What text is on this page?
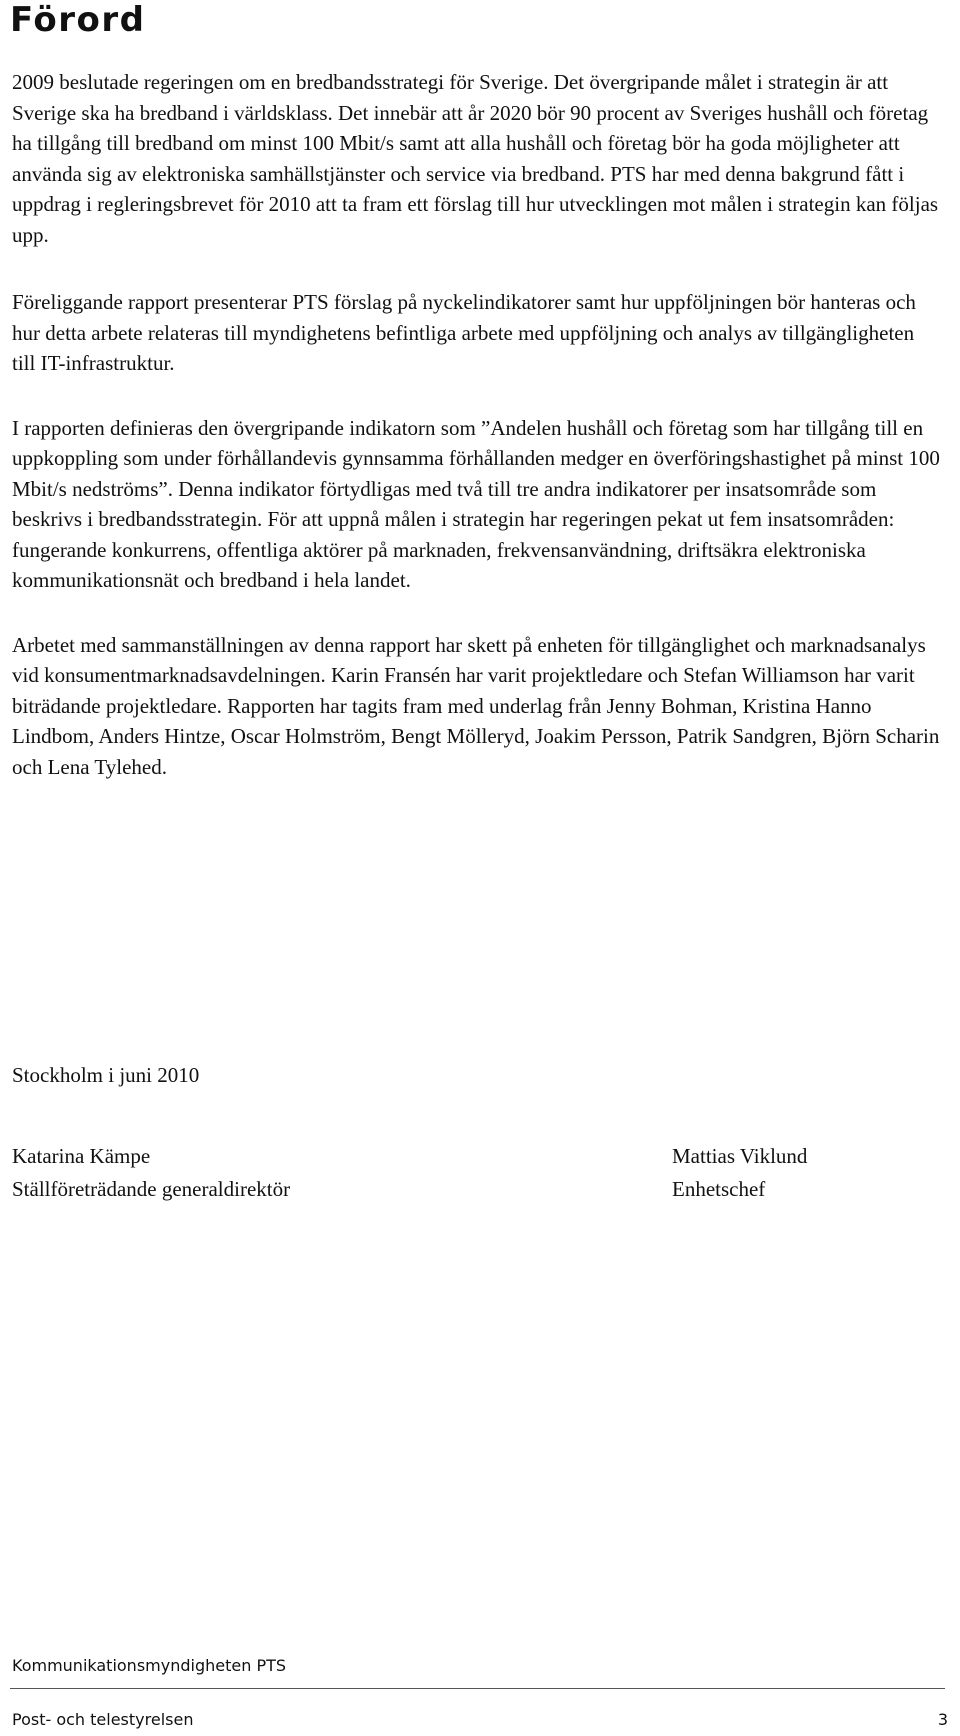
Förord

2009 beslutade regeringen om en bredbandsstrategi för Sverige. Det övergripande målet i strategin är att Sverige ska ha bredband i världsklass. Det innebär att år 2020 bör 90 procent av Sveriges hushåll och företag ha tillgång till bredband om minst 100 Mbit/s samt att alla hushåll och företag bör ha goda möjligheter att använda sig av elektroniska samhällstjänster och service via bredband. PTS har med denna bakgrund fått i uppdrag i regleringsbrevet för 2010 att ta fram ett förslag till hur utvecklingen mot målen i strategin kan följas upp.

Föreliggande rapport presenterar PTS förslag på nyckelindikatorer samt hur uppföljningen bör hanteras och hur detta arbete relateras till myndighetens befintliga arbete med uppföljning och analys av tillgängligheten till IT-infrastruktur.

I rapporten definieras den övergripande indikatorn som ”Andelen hushåll och företag som har tillgång till en uppkoppling som under förhållandevis gynnsamma förhållanden medger en överföringshastighet på minst 100 Mbit/s nedströms”. Denna indikator förtydligas med två till tre andra indikatorer per insatsområde som beskrivs i bredbandsstrategin. För att uppnå målen i strategin har regeringen pekat ut fem insatsområden: fungerande konkurrens, offentliga aktörer på marknaden, frekvensanvändning, driftsäkra elektroniska kommunikationsnät och bredband i hela landet.

Arbetet med sammanställningen av denna rapport har skett på enheten för tillgänglighet och marknadsanalys vid konsumentmarknadsavdelningen. Karin Fransén har varit projektledare och Stefan Williamson har varit biträdande projektledare. Rapporten har tagits fram med underlag från Jenny Bohman, Kristina Hanno Lindbom, Anders Hintze, Oscar Holmström, Bengt Mölleryd, Joakim Persson, Patrik Sandgren, Björn Scharin och Lena Tylehed.

Stockholm i juni 2010

Katarina Kämpe
Ställföreträdande generaldirektör
Mattias Viklund
Enhetschef
Kommunikationsmyndigheten PTS
Post- och telestyrelsen	3
